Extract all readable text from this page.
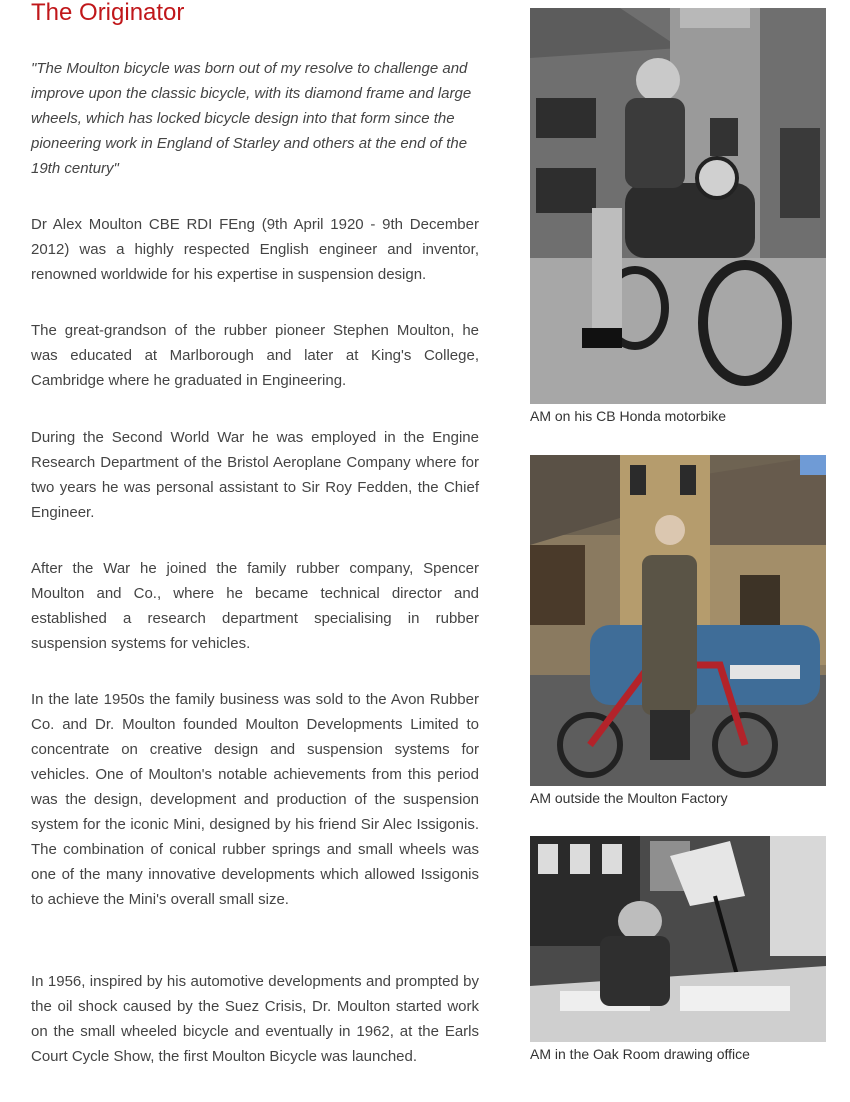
The Originator

"The Moulton bicycle was born out of my resolve to challenge and improve upon the classic bicycle, with its diamond frame and large wheels, which has locked bicycle design into that form since the pioneering work in England of Starley and others at the end of the 19th century"

Dr Alex Moulton CBE RDI FEng (9th April 1920 - 9th December 2012) was a highly respected English engineer and inventor, renowned worldwide for his expertise in suspension design.

The great-grandson of the rubber pioneer Stephen Moulton, he was educated at Marlborough and later at King's College, Cambridge where he graduated in Engineering.

During the Second World War he was employed in the Engine Research Department of the Bristol Aeroplane Company where for two years he was personal assistant to Sir Roy Fedden, the Chief Engineer.

After the War he joined the family rubber company, Spencer Moulton and Co., where he became technical director and established a research department specialising in rubber suspension systems for vehicles.

In the late 1950s the family business was sold to the Avon Rubber Co. and Dr. Moulton founded Moulton Developments Limited to concentrate on creative design and suspension systems for vehicles. One of Moulton's notable achievements from this period was the design, development and production of the suspension system for the iconic Mini, designed by his friend Sir Alec Issigonis. The combination of conical rubber springs and small wheels was one of the many innovative developments which allowed Issigonis to achieve the Mini's overall small size.

In 1956, inspired by his automotive developments and prompted by the oil shock caused by the Suez Crisis, Dr. Moulton started work on the small wheeled bicycle and eventually in 1962, at the Earls Court Cycle Show, the first Moulton Bicycle was launched.

AM on his CB Honda motorbike
AM outside the Moulton Factory
AM in the Oak Room drawing office
